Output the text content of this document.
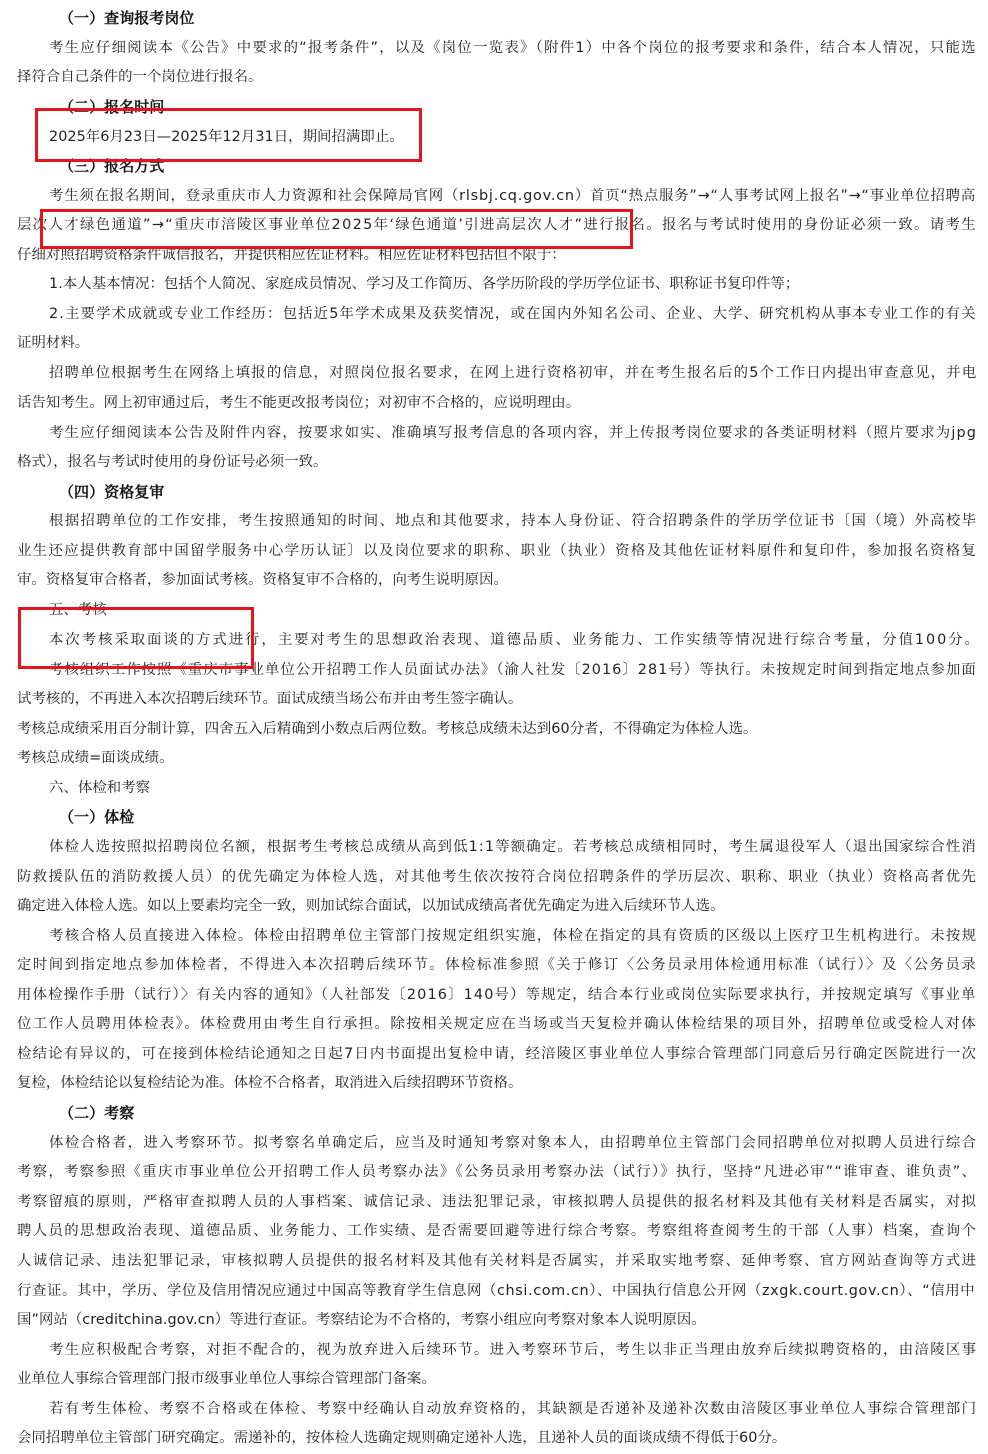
（一）查询报考岗位
考生应仔细阅读本《公告》中要求的“报考条件”，以及《岗位一览表》（附件1）中各个岗位的报考要求和条件，结合本人情况，只能选
择符合自己条件的一个岗位进行报名。
（二）报名时间
2025年6月23日—2025年12月31日，期间招满即止。
（三）报名方式
考生须在报名期间，登录重庆市人力资源和社会保障局官网（rlsbj.cq.gov.cn）首页“热点服务”→“人事考试网上报名”→“事业单位招聘高
层次人才绿色通道”→“重庆市涪陵区事业单位2025年‘绿色通道’引进高层次人才”进行报名。报名与考试时使用的身份证必须一致。请考生
仔细对照招聘资格条件诚信报名，并提供相应佐证材料。相应佐证材料包括但不限于：
1.本人基本情况：包括个人简况、家庭成员情况、学习及工作简历、各学历阶段的学历学位证书、职称证书复印件等；
2.主要学术成就或专业工作经历：包括近5年学术成果及获奖情况，或在国内外知名公司、企业、大学、研究机构从事本专业工作的有关
证明材料。
招聘单位根据考生在网络上填报的信息，对照岗位报名要求，在网上进行资格初审，并在考生报名后的5个工作日内提出审查意见，并电
话告知考生。网上初审通过后，考生不能更改报考岗位；对初审不合格的，应说明理由。
考生应仔细阅读本公告及附件内容，按要求如实、准确填写报考信息的各项内容，并上传报考岗位要求的各类证明材料（照片要求为jpg
格式），报名与考试时使用的身份证号必须一致。
（四）资格复审
根据招聘单位的工作安排，考生按照通知的时间、地点和其他要求，持本人身份证、符合招聘条件的学历学位证书〔国（境）外高校毕
业生还应提供教育部中国留学服务中心学历认证〕以及岗位要求的职称、职业（执业）资格及其他佐证材料原件和复印件，参加报名资格复
审。资格复审合格者，参加面试考核。资格复审不合格的，向考生说明原因。
五、考核
本次考核采取面谈的方式进行，主要对考生的思想政治表现、道德品质、业务能力、工作实绩等情况进行综合考量，分值100分。
考核组织工作按照《重庆市事业单位公开招聘工作人员面试办法》（渝人社发〔2016〕281号）等执行。未按规定时间到指定地点参加面
试考核的，不再进入本次招聘后续环节。面试成绩当场公布并由考生签字确认。
考核总成绩采用百分制计算，四舍五入后精确到小数点后两位数。考核总成绩未达到60分者，不得确定为体检人选。
考核总成绩=面谈成绩。
六、体检和考察
（一）体检
体检人选按照拟招聘岗位名额，根据考生考核总成绩从高到低1:1等额确定。若考核总成绩相同时，考生属退役军人（退出国家综合性消
防救援队伍的消防救援人员）的优先确定为体检人选，对其他考生依次按符合岗位招聘条件的学历层次、职称、职业（执业）资格高者优先
确定进入体检人选。如以上要素均完全一致，则加试综合面试，以加试成绩高者优先确定为进入后续环节人选。
考核合格人员直接进入体检。体检由招聘单位主管部门按规定组织实施，体检在指定的具有资质的区级以上医疗卫生机构进行。未按规
定时间到指定地点参加体检者，不得进入本次招聘后续环节。体检标准参照《关于修订〈公务员录用体检通用标准（试行）〉及〈公务员录
用体检操作手册（试行）〉有关内容的通知》（人社部发〔2016〕140号）等规定，结合本行业或岗位实际要求执行，并按规定填写《事业单
位工作人员聘用体检表》。体检费用由考生自行承担。除按相关规定应在当场或当天复检并确认体检结果的项目外，招聘单位或受检人对体
检结论有异议的，可在接到体检结论通知之日起7日内书面提出复检申请，经涪陵区事业单位人事综合管理部门同意后另行确定医院进行一次
复检，体检结论以复检结论为准。体检不合格者，取消进入后续招聘环节资格。
（二）考察
体检合格者，进入考察环节。拟考察名单确定后，应当及时通知考察对象本人，由招聘单位主管部门会同招聘单位对拟聘人员进行综合
考察，考察参照《重庆市事业单位公开招聘工作人员考察办法》《公务员录用考察办法（试行）》执行，坚持“凡进必审”“谁审查、谁负责”、
考察留痕的原则，严格审查拟聘人员的人事档案、诚信记录、违法犯罪记录，审核拟聘人员提供的报名材料及其他有关材料是否属实，对拟
聘人员的思想政治表现、道德品质、业务能力、工作实绩、是否需要回避等进行综合考察。考察组将查阅考生的干部（人事）档案，查询个
人诚信记录、违法犯罪记录，审核拟聘人员提供的报名材料及其他有关材料是否属实，并采取实地考察、延伸考察、官方网站查询等方式进
行查证。其中，学历、学位及信用情况应通过中国高等教育学生信息网（chsi.com.cn）、中国执行信息公开网（zxgk.court.gov.cn）、“信用中
国”网站（creditchina.gov.cn）等进行查证。考察结论为不合格的，考察小组应向考察对象本人说明原因。
考生应积极配合考察，对拒不配合的，视为放弃进入后续环节。进入考察环节后，考生以非正当理由放弃后续拟聘资格的，由涪陵区事
业单位人事综合管理部门报市级事业单位人事综合管理部门备案。
若有考生体检、考察不合格或在体检、考察中经确认自动放弃资格的，其缺额是否递补及递补次数由涪陵区事业单位人事综合管理部门
会同招聘单位主管部门研究确定。需递补的，按体检人选确定规则确定递补人选，且递补人员的面谈成绩不得低于60分。
